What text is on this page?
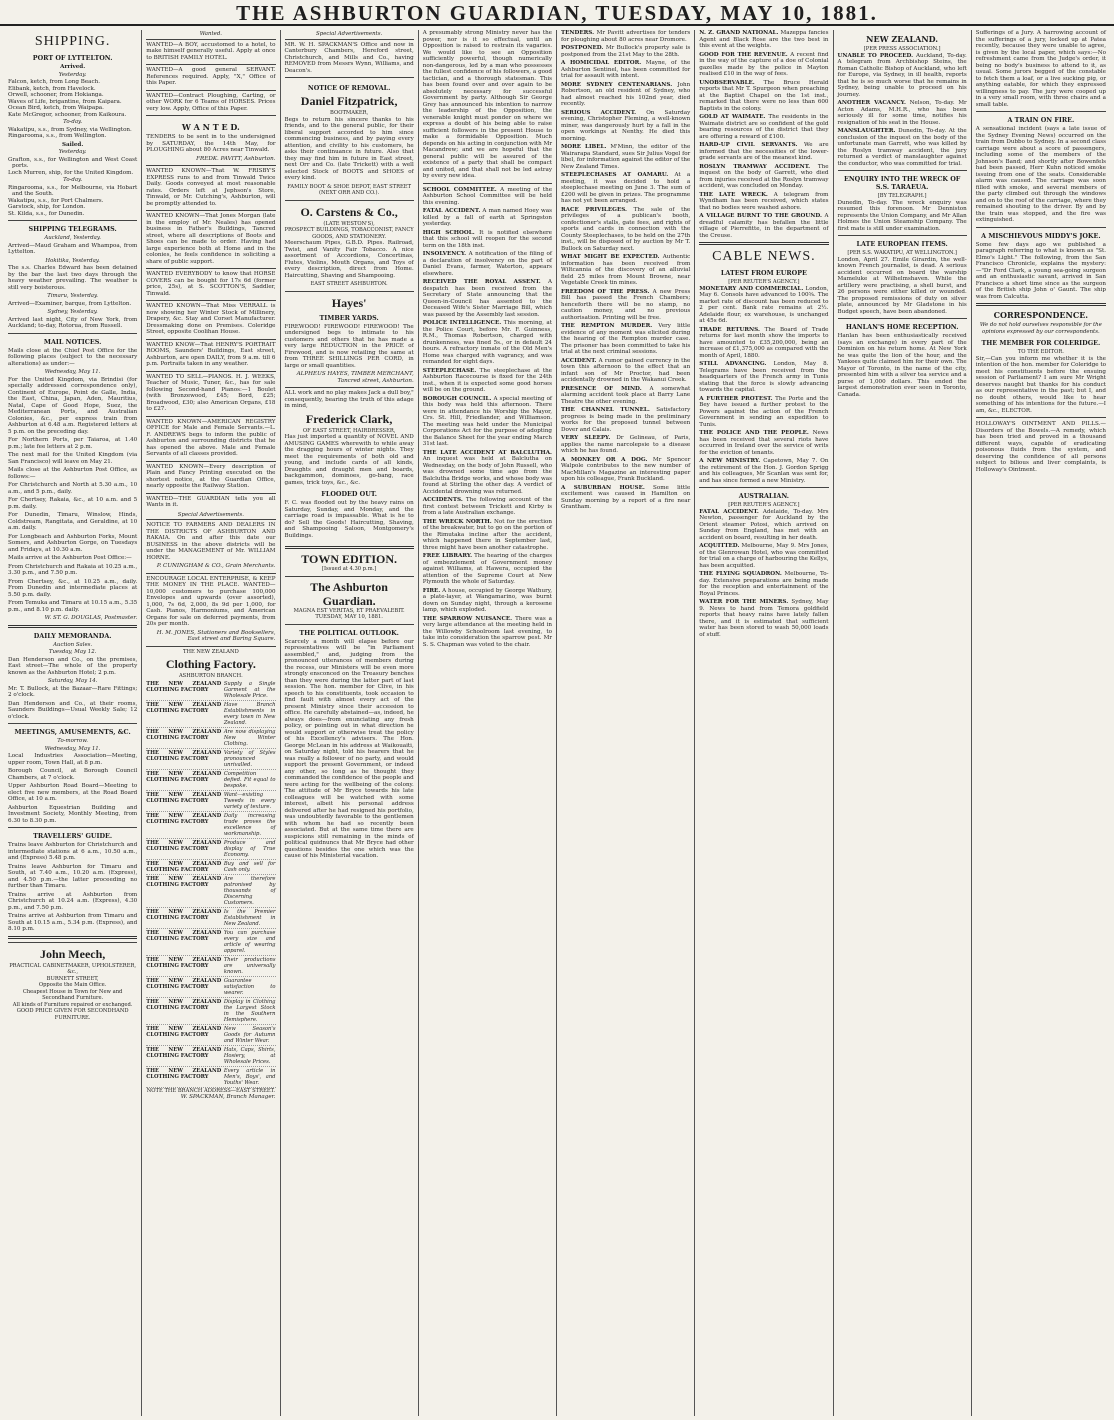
THE ASHBURTON GUARDIAN, TUESDAY, MAY 10, 1881.
SHIPPING.
PORT OF LYTTELTON.
Arrived.
Yesterday.
Falcon, ketch, from Long Beach.
Elibank, ketch, from Havelock.
Orwell, schooner, from Hokianga.
Waves of Life, brigantine, from Kaipara.
Ocean Bird, ketch, from Waipapa.
Kate McGregor, schooner, from Kaikoura.
To-day.
Wakatipu, s.s., from Sydney, via Wellington.
Ringarooma, s.s., from Wellington.
Sailed.
Yesterday.
Grafton, s.s., for Wellington and West Coast ports.
Loch Murren, ship, for the United Kingdom.
To-day.
Ringarooma, s.s., for Melbourne, via Hobart and the South.
Wakatipu, s.s., for Port Chalmers.
Garstock, ship, for London.
St. Kilda, s.s., for Dunedin.
SHIPPING TELEGRAMS.
Auckland, Yesterday.
Arrived—Maud Graham and Whampoa, from Lyttelton.
Hokitika, Yesterday.
The s.s. Charles Edward has been detained by the bar the last two days through the heavy weather prevailing. The weather is still very boisterous.
Timaru, Yesterday.
Arrived—Examiner, barque, from Lyttelton.
Sydney, Yesterday.
Arrived last night, City of New York, from Auckland; to-day, Rotorua, from Russell.
MAIL NOTICES.
Mails close at the Chief Post Office for the following places (subject to the necessary alterations) as under:—
Wednesday, May 11.
For the United Kingdom, via Brindisi (for specially addressed correspondence only), Continent of Europe, Point de Galle, India, the East, China, Japan, Aden, Mauritius, Natal, Cape of Good Hope, Suez, the Mediterranean Ports, and Australian Colonies, &c., per express train from Ashburton at 6.48 a.m. Registered letters at 5 p.m. on the preceding day.
For Northern Ports, per Taiaroa, at 1.40 p.m.; late fee letters at 2 p.m.
The next mail for the United Kingdom (via San Francisco) will leave on May 21.
Mails close at the Ashburton Post Office, as follows:—
For Christchurch and North at 5.30 a.m., 10 a.m., and 5 p.m., daily.
For Chertsey, Rakaia, &c., at 10 a.m. and 5 p.m. daily.
For Dunedin, Timaru, Winslow, Hinds, Coldstream, Rangitata, and Geraldine, at 10 a.m. daily.
For Longbeach and Ashburton Forks, Mount Somers, and Ashburton Gorge, on Tuesdays and Fridays, at 10.30 a.m.
Mails arrive at the Ashburton Post Office:—
From Christchurch and Rakaia at 10.25 a.m., 3.30 p.m., and 7.50 p.m.
From Chertsey, &c., at 10.25 a.m., daily. From Dunedin and intermediate places at 5.50 p.m. daily.
From Temuka and Timaru at 10.15 a.m., 5.35 p.m., and 8.10 p.m. daily.
W. ST. G. DOUGLAS, Postmaster.
DAILY MEMORANDA.
Auction Sales.
Tuesday, May 12.
Dan Henderson and Co., on the premises, East street—The whole of the property known as the Ashburton Hotel; 2 p.m.
Saturday, May 14.
Mr. T. Bullock, at the Bazaar—Rare Fittings; 2 o'clock.
Dan Henderson and Co., at their rooms, Saunders Buildings—Usual Weekly Sale; 12 o'clock.
MEETINGS, AMUSEMENTS, &C.
To-morrow.
Wednesday, May 11.
Local Industries Association—Meeting, upper room, Town Hall, at 8 p.m.
Borough Council, at Borough Council Chambers, at 7 o'clock.
Upper Ashburton Road Board—Meeting to elect five new members, at the Road Board Office, at 10 a.m.
Ashburton Equestrian Building and Investment Society, Monthly Meeting, from 6.30 to 8.30 p.m.
TRAVELLERS' GUIDE.
Trains leave Ashburton for Christchurch and intermediate stations at 6 a.m., 10.50 a.m., and (Express) 5.48 p.m.
Trains leave Ashburton for Timaru and South, at 7.40 a.m., 10.20 a.m. (Express), and 4.50 p.m.—the latter proceeding no further than Timaru.
Trains arrive at Ashburton from Christchurch at 10.24 a.m. (Express), 4.30 p.m., and 7.50 p.m.
Trains arrive at Ashburton from Timaru and South at 10.15 a.m., 5.34 p.m. (Express), and 8.10 p.m.
John Meech,
PRACTICAL CABINETMAKER, UPHOLSTERER, &c.,
BURNETT STREET,
Opposite the Main Office.
Cheapest House in Town for New and Secondhand Furniture.
All kinds of Furniture repaired or exchanged.
GOOD PRICE GIVEN FOR SECONDHAND FURNITURE.
Wanted.
WANTED—A BOY, accustomed to a hotel, to make himself generally useful. Apply at once to BRITISH FAMILY HOTEL.
WANTED—A good general SERVANT. References required. Apply, "X," Office of this Paper.
WANTED—Contract Ploughing, Carting, or other WORK for 6 Teams of HORSES. Prices very low. Apply, Office of this Paper.
W A N T E D.
TENDERS to be sent in to the undersigned by SATURDAY, the 14th May, for PLOUGHING about 80 Acres near Tinwald.
FREDK. PAVITT, Ashburton.
WANTED KNOWN—That W. FRISBY'S EXPRESS runs to and from Tinwald Twice Daily. Goods conveyed at most reasonable rates. Orders left at Jephson's Store, Tinwald, or Mr. Cutching's, Ashburton, will be promptly attended to.
WANTED KNOWN—That Jones Morgan (late in the employ of Mr. Neales) has opened business in Father's Buildings, Tancred street, where all descriptions of Boots and Shoes can be made to order. Having had large experience both at Home and in the colonies, he feels confidence in soliciting a share of public support.
WANTED EVERYBODY to know that HORSE COVERS can be bought for 17s 6d (former price, 25s), at S. SCOTTON'S, Saddler, Tinwald.
WANTED KNOWN—That Miss VERRALL is now showing her Winter Stock of Millinery, Drapery, &c. Stay and Corset Manufacturer. Dressmaking done on Premises. Coleridge Street, opposite Coolihan House.
WANTED KNOW—That HENRY'S PORTRAIT ROOMS, Saunders' Buildings, East street, Ashburton, are open DAILY, from 9 a.m. till 6 p.m. Portraits taken in any weather.
WANTED TO SELL—PIANOS. H. J. WEEKS, Teacher of Music, Tuner, &c., has for sale following Second-hand Pianos:—1 Boulet (with Bronzewood, £45; Bord, £25; Broadwood, £30; also American Organs, £18 to £27.
WANTED KNOWN—AMERICAN REGISTRY OFFICE for Male and Female Servants.—L. F. ANDREWS begs to inform the public of Ashburton and surrounding districts that he has opened the above. Male and Female Servants of all classes provided.
WANTED KNOWN—Every description of Plain and Fancy Printing executed on the shortest notice, at the Guardian Office, nearly opposite the Railway Station.
WANTED—THE GUARDIAN tells you all Wants in it.
Special Advertisements.
NOTICE TO FARMERS AND DEALERS IN THE DISTRICTS OF ASHBURTON AND RAKAIA. On and after this date our BUSINESS in the above districts will be under the MANAGEMENT of Mr. WILLIAM HORNE.
P. CUNINGHAM & CO., Grain Merchants.
ENCOURAGE LOCAL ENTERPRISE, & KEEP THE MONEY IN THE PLACE. WANTED—10,000 customers to purchase 100,000 Envelopes and upwards (over assorted), 1,000, 7s 6d, 2,000, 8s 9d per 1,000, for Cash. Pianos, Harmoniums, and American Organs for sale on deferred payments, from 20s per month.
H. M. JONES, Stationers and Booksellers, East street and Baring Square.
THE NEW ZEALAND
Clothing Factory.
ASHBURTON BRANCH.
THE NEW ZEALAND CLOTHING FACTORY
Supply a Single Garment at the Wholesale Price.
THE NEW ZEALAND CLOTHING FACTORY
Have Branch Establishments in every town in New Zealand.
THE NEW ZEALAND CLOTHING FACTORY
Are now displaying New Winter Clothing.
THE NEW ZEALAND CLOTHING FACTORY
Variety of Styles pronounced unrivalled.
THE NEW ZEALAND CLOTHING FACTORY
Competition defied. Fit equal to bespoke.
THE NEW ZEALAND CLOTHING FACTORY
Want—existing Tweeds in every variety of texture.
THE NEW ZEALAND CLOTHING FACTORY
Daily increasing trade proves the excellence of workmanship.
THE NEW ZEALAND CLOTHING FACTORY
Produce and display of True Economy.
THE NEW ZEALAND CLOTHING FACTORY
Buy and sell for Cash only.
THE NEW ZEALAND CLOTHING FACTORY
Are therefore patronised by thousands of Discerning Customers.
THE NEW ZEALAND CLOTHING FACTORY
Is the Premier Establishment in New Zealand.
THE NEW ZEALAND CLOTHING FACTORY
You can purchase every size and article of wearing apparel.
THE NEW ZEALAND CLOTHING FACTORY
Their productions are universally known.
THE NEW ZEALAND CLOTHING FACTORY
Guarantee satisfaction to wearer.
THE NEW ZEALAND CLOTHING FACTORY
Display in Clothing the Largest Stock in the Southern Hemisphere.
THE NEW ZEALAND CLOTHING FACTORY
New Season's Goods for Autumn and Winter Wear.
THE NEW ZEALAND CLOTHING FACTORY
Hats, Caps, Shirts, Hosiery, at Wholesale Prices.
THE NEW ZEALAND CLOTHING FACTORY
Every article in Men's, Boys', and Youths' Wear.
NOTE THE BRANCH ADDRESS—EAST STREET.
W. SPACKMAN, Branch Manager.
Special Advertisements.
MR. W. H. SPACKMAN'S Office and now in Canterbury Chambers, Hereford street, Christchurch, and Mills and Co., having REMOVED from Messrs Wynn, Williams, and Deacon's.
NOTICE OF REMOVAL.
Daniel Fitzpatrick,
BOOTMAKER,
Begs to return his sincere thanks to his friends, and to the general public, for their liberal support accorded to him since commencing business, and by paying every attention, and civility to his customers, he asks their continuance in future. Also that they may find him in future in East street, next Orr and Co. (late Trickett) with a well selected Stock of BOOTS and SHOES of every kind.
FAMILY BOOT & SHOE DEPOT, EAST STREET (NEXT ORR AND CO.).
O. Carstens & Co.,
(LATE WESTON'S),
PROSPECT BUILDINGS, TOBACCONIST, FANCY GOODS, AND STATIONERY.
Meerschaum Pipes, G.B.D. Pipes. Railroad, Twist, and Vanity Fair Tobacco. A nice assortment of Accordions, Concertinas, Flutes, Violins, Mouth Organs, and Toys of every description, direct from Home. Haircutting, Shaving and Shampooing.
EAST STREET ASHBURTON.
Hayes'
TIMBER YARDS.
FIREWOOD! FIREWOOD! FIREWOOD! The undersigned begs to intimate to his customers and others that he has made a very large REDUCTION in the PRICE of Firewood, and is now retailing the same at from THREE SHILLINGS PER CORD, in large or small quantities.
ALPHEUS HAYES, TIMBER MERCHANT, Tancred street, Ashburton.
ALL work and no play makes Jack a dull boy," consequently, bearing the truth of this adage in mind,
Frederick Clark,
OF EAST STREET, HAIRDRESSER,
Has just imported a quantity of NOVEL AND AMUSING GAMES wherewith to while away the dragging hours of winter nights. They meet the requirements of both old and young, and include cards of all kinds, Draughts and draught men and boards, backgammon, dominoes, go-bang, race games, trick toys, &c., &c.
FLOODED OUT.
F. C. was flooded out by the heavy rains on Saturday, Sunday, and Monday, and the carriage road is impassable. What is he to do? Sell the Goods! Haircutting, Shaving, and Shampooing Saloon, Montgomery's Buildings.
TOWN EDITION.
[Issued at 4.30 p.m.]
The Ashburton Guardian.
MAGNA EST VERITAS, ET PRAEVALEBIT.
TUESDAY, MAY 10, 1881.
THE POLITICAL OUTLOOK.
Scarcely a month will elapse before our representatives will be "in Parliament assembled," and, judging from the pronounced utterances of members during the recess, our Ministers will be even more strongly ensconced on the Treasury benches than they were during the latter part of last session. The hon. member for Clive, in his speech to his constituents, took occasion to find fault with almost every act of the present Ministry since their accession to office. He carefully abstained—as, indeed, he always does—from enunciating any fresh policy, or pointing out in what direction he would support or otherwise treat the policy of his Excellency's advisers. The Hon. George McLean in his address at Waikouaiti, on Saturday night, told his hearers that he was really a follower of no party, and would support the present Government, or indeed any other, so long as he thought they commanded the confidence of the people and were acting for the wellbeing of the colony. The attitude of Mr Bryce towards his late colleagues will be watched with some interest, albeit his personal address delivered after he had resigned his portfolio, was undoubtedly favorable to the gentlemen with whom he had so recently been associated. But at the same time there are suspicions still remaining in the minds of political quidnuncs that Mr Bryce had other questions besides the one which was the cause of his Ministerial vacation.
A presumably strong Ministry never has the power, nor is it so effectual, until an Opposition is raised to restrain its vagaries. We would like to see an Opposition sufficiently powerful, though numerically non-dangerous, led by a man who possesses the fullest confidence of his followers, a good tactician, and a thorough statesman. This has been found over and over again to be absolutely necessary for successful Government by party. Although Sir George Grey has announced his intention to narrow the leadership of the Opposition, the venerable knight must ponder on where we express a doubt of his being able to raise sufficient followers in the present House to make a formidable Opposition. Much depends on his acting in conjunction with Mr Macandrew; and we are hopeful that the general public will be assured of the existence of a party that shall be compact and united, and that shall not be led astray by every new idea.
SCHOOL COMMITTEE. A meeting of the Ashburton School Committee will be held this evening.
FATAL ACCIDENT. A man named Hoey was killed by a fall of earth at Springston yesterday.
HIGH SCHOOL. It is notified elsewhere that this school will reopen for the second term on the 18th inst.
INSOLVENCY. A notification of the filing of a declaration of insolvency on the part of Daniel Evans, farmer, Waterton, appears elsewhere.
RECEIVED THE ROYAL ASSENT. A despatch has been received from the Secretary of State announcing that the Queen-in-Council has assented to the Deceased Wife's Sister Marriage Bill, which was passed by the Assembly last session.
POLICE INTELLIGENCE. This morning, at the Police Court, before Mr. F. Guinness, R.M., Thomas Robertson, charged with drunkenness, was fined 5s., or in default 24 hours. A refractory inmate of the Old Men's Home was charged with vagrancy, and was remanded for eight days.
STEEPLECHASE. The steeplechase at the Ashburton Racecourse is fixed for the 24th inst., when it is expected some good horses will be on the ground.
BOROUGH COUNCIL. A special meeting of this body was held this afternoon. There were in attendance his Worship the Mayor, Crs. St. Hill, Friedlander, and Williamson. The meeting was held under the Municipal Corporations Act for the purpose of adopting the Balance Sheet for the year ending March 31st last.
THE LATE ACCIDENT AT BALCLUTHA. An inquest was held at Balclutha on Wednesday, on the body of John Russell, who was drowned some time ago from the Balclutha Bridge works, and whose body was found at Stirling the other day. A verdict of Accidental drowning was returned.
ACCIDENTS. The following account of the first contest between Trickett and Kirby is from a late Australian exchange.
THE WRECK NORTH. Not for the erection of the breakwater, but to go on the portion of the Rimutaka incline after the accident, which happened there in September last, three might have been another catastrophe.
FREE LIBRARY. The hearing of the charges of embezzlement of Government money against Williams, at Hawera, occupied the attention of the Supreme Court at New Plymouth the whole of Saturday.
FIRE. A house, occupied by George Wathury, a plate-layer, at Wangamarino, was burnt down on Sunday night, through a kerosene lamp, which exploded.
THE SPARROW NUISANCE. There was a very large attendance at the meeting held in the Willowby Schoolroom last evening, to take into consideration the sparrow pest. Mr S. S. Chapman was voted to the chair.
TENDERS. Mr Pavitt advertises for tenders for ploughing about 80 acres near Dromore.
POSTPONED. Mr Bullock's property sale is postponed from the 21st May to the 28th.
A HOMICIDAL EDITOR. Mayne, of the Ashburton Sentinel, has been committed for trial for assault with intent.
MORE SYDNEY CENTENARIANS. John Robertson, an old resident of Sydney, who had almost reached his 102nd year, died recently.
SERIOUS ACCIDENT. On Saturday evening, Christopher Fleming, a well-known miner, was dangerously hurt by a fall in the open workings at Nenthy. He died this morning.
MORE LIBEL. M'Minn, the editor of the Wairarapa Standard, sues Sir Julius Vogel for libel, for information against the editor of the New Zealand Times.
STEEPLECHASES AT OAMARU. At a meeting, it was decided to hold a steeplechase meeting on June 3. The sum of £200 will be given in prizes. The programme has not yet been arranged.
RACE PRIVILEGES. The sale of the privileges of a publican's booth, confectioner's stalls, gate fees, and rights of sports and cards in connection with the County Steeplechases, to be held on the 27th inst., will be disposed of by auction by Mr T. Bullock on Saturday next.
WHAT MIGHT BE EXPECTED. Authentic information has been received from Wiltcannia of the discovery of an alluvial field 25 miles from Mount Browne, near Vegetable Creek tin mines.
FREEDOM OF THE PRESS. A new Press Bill has passed the French Chambers; henceforth there will be no stamp, no caution money, and no previous authorisation. Printing will be free.
THE REMPTON MURDER. Very little evidence of any moment was elicited during the hearing of the Rempton murder case. The prisoner has been committed to take his trial at the next criminal sessions.
ACCIDENT. A rumor gained currency in the town this afternoon to the effect that an infant son of Mr Proctor, had been accidentally drowned in the Wakanui Creek.
PRESENCE OF MIND. A somewhat alarming accident took place at Barry Lane Theatre the other evening.
THE CHANNEL TUNNEL. Satisfactory progress is being made in the preliminary works for the proposed tunnel between Dover and Calais.
VERY SLEEPY. Dr Gelineau, of Paris, applies the name narcolepsie to a disease which he has found.
A MONKEY OR A DOG. Mr Spencer Walpole contributes to the new number of MacMillan's Magazine an interesting paper upon his colleague, Frank Buckland.
A SUBURBAN HOUSE. Some little excitement was caused in Hamilton on Sunday morning by a report of a fire near Grantham.
N. Z. GRAND NATIONAL. Mazeppa fancies Agent and Black Rose are the two best in this event at the weights.
GOOD FOR THE REVENUE. A recent find in the way of the capture of a doe of Colonial gazelles made by the police in Mayton realised £10 in the way of fees.
UNOBSERVABLE. The Bruce Herald reports that Mr T. Spurgeon when preaching at the Baptist Chapel on the 1st inst., remarked that there were no less than 600 Baptists in the colony.
GOLD AT WAIMATE. The residents in the Waimate district are so confident of the gold bearing resources of the district that they are offering a reward of £100.
HARD-UP CIVIL SERVANTS. We are informed that the necessities of the lower-grade servants are of the meanest kind.
ROSLYN TRAMWAY ACCIDENT. The inquest on the body of Garrett, who died from injuries received at the Roslyn tramway accident, was concluded on Monday.
THE LATE WRECK. A telegram from Wyndham has been received, which states that no bodies were washed ashore.
A VILLAGE BURNT TO THE GROUND. A dreadful calamity has befallen the little village of Pierrefitte, in the department of the Creuse.
CABLE NEWS.
LATEST FROM EUROPE
[PER REUTER'S AGENCY.]
MONETARY AND COMMERCIAL. London, May 6. Consols have advanced to 100⅜. The market rate of discount has been reduced to 2 per cent. Bank rate remains at 2½. Adelaide flour, ex warehouse, is unchanged at 45s 6d.
TRADE RETURNS. The Board of Trade returns for last month show the imports to have amounted to £35,200,000, being an increase of £1,375,000 as compared with the month of April, 1880.
STILL ADVANCING. London, May 8. Telegrams have been received from the headquarters of the French army in Tunis stating that the force is slowly advancing towards the capital.
A FURTHER PROTEST. The Porte and the Bey have issued a further protest to the Powers against the action of the French Government in sending an expedition to Tunis.
THE POLICE AND THE PEOPLE. News has been received that several riots have occurred in Ireland over the service of writs for the eviction of tenants.
A NEW MINISTRY. Capetown, May 7. On the retirement of the Hon. J. Gordon Sprigg and his colleagues, Mr Scanlan was sent for, and has since formed a new Ministry.
AUSTRALIAN.
[PER REUTER'S AGENCY.]
FATAL ACCIDENT. Adelaide, To-day. Mrs Newton, passenger for Auckland by the Orient steamer Potosi, which arrived on Sunday from England, has met with an accident on board, resulting in her death.
ACQUITTED. Melbourne, May 9. Mrs Jones, of the Glenrowan Hotel, who was committed for trial on a charge of harbouring the Kellys, has been acquitted.
THE FLYING SQUADRON. Melbourne, To-day. Extensive preparations are being made for the reception and entertainment of the Royal Princes.
WATER FOR THE MINERS. Sydney, May 9. News to hand from Temora goldfield reports that heavy rains have lately fallen there, and it is estimated that sufficient water has been stored to wash 50,000 loads of stuff.
NEW ZEALAND.
[PER PRESS ASSOCIATION.]
UNABLE TO PROCEED. Auckland, To-day. A telegram from Archbishop Steins, the Roman Catholic Bishop of Auckland, who left for Europe, via Sydney, in ill health, reports that he is so much worse that he remains in Sydney, being unable to proceed on his journey.
ANOTHER VACANCY. Nelson, To-day. Mr Acton Adams, M.H.R., who has been seriously ill for some time, notifies his resignation of his seat in the House.
MANSLAUGHTER. Dunedin, To-day. At the conclusion of the inquest on the body of the unfortunate man Garrett, who was killed by the Roslyn tramway accident, the jury returned a verdict of manslaughter against the conductor, who was committed for trial.
ENQUIRY INTO THE WRECK OF S.S. TARAEUA.
[BY TELEGRAPH.]
Dunedin, To-day. The wreck enquiry was resumed this forenoon. Mr Denniston represents the Union Company, and Mr Allan Holmes the Union Steamship Company. The first mate is still under examination.
LATE EUROPEAN ITEMS.
[PER S.S. WAKATIPU, AT WELLINGTON.]
London, April 27. Emile Girardin, the well-known French journalist, is dead. A serious accident occurred on board the warship Mameluke at Wilhelmshaven. While the artillery were practising, a shell burst, and 26 persons were either killed or wounded. The proposed remissions of duty on silver plate, announced by Mr Gladstone in his Budget speech, have been abandoned.
HANLAN'S HOME RECEPTION.
Hanlan has been enthusiastically received (says an exchange) in every part of the Dominion on his return home. At New York he was quite the lion of the hour, and the Yankees quite claimed him for their own. The Mayor of Toronto, in the name of the city, presented him with a silver tea service and a purse of 1,000 dollars. This ended the largest demonstration ever seen in Toronto, Canada.
Sufferings of a Jury. A harrowing account of the sufferings of a jury, locked up at Patea recently, because they were unable to agree, is given by the local paper, which says:—No refreshment came from the Judge's order, it being no body's business to attend to it, as usual. Some jurors begged of the constable to fetch them a loaf, or a live sucking pig, or anything eatable, for which they expressed willingness to pay. The jury were cooped up in a very small room, with three chairs and a small table.
A TRAIN ON FIRE.
A sensational incident (says a late issue of the Sydney Evening News) occurred on the train from Dubbo to Sydney. In a second class carriage were about a score of passengers, including some of the members of the Johnson's Band; and shortly after Bowenfels had been passed, Herr Kuhn noticed smoke issuing from one of the seats. Considerable alarm was caused. The carriage was soon filled with smoke, and several members of the party climbed out through the windows and on to the roof of the carriage, where they remained shouting to the driver. By and by the train was stopped, and the fire was extinguished.
A MISCHIEVOUS MIDDY'S JOKE.
Some few days ago we published a paragraph referring to what is known as "St. Elmo's Light." The following, from the San Francisco Chronicle, explains the mystery:—"Dr Ford Clark, a young sea-going surgeon and an enthusiastic savant, arrived in San Francisco a short time since as the surgeon of the British ship John o' Gaunt. The ship was from Calcutta.
CORRESPONDENCE.
We do not hold ourselves responsible for the opinions expressed by our correspondents.
THE MEMBER FOR COLERIDGE.
TO THE EDITOR.
Sir,—Can you inform me whether it is the intention of the hon. member for Coleridge to meet his constituents before the ensuing session of Parliament? I am sure Mr Wright deserves naught but thanks for his conduct as our representative in the past; but I, and no doubt others, would like to hear something of his intentions for the future.—I am, &c., ELECTOR.
HOLLOWAY'S OINTMENT AND PILLS.—Disorders of the Bowels.—A remedy, which has been tried and proved in a thousand different ways, capable of eradicating poisonous fluids from the system, and deserving the confidence of all persons subject to bilious and liver complaints, is Holloway's Ointment.
